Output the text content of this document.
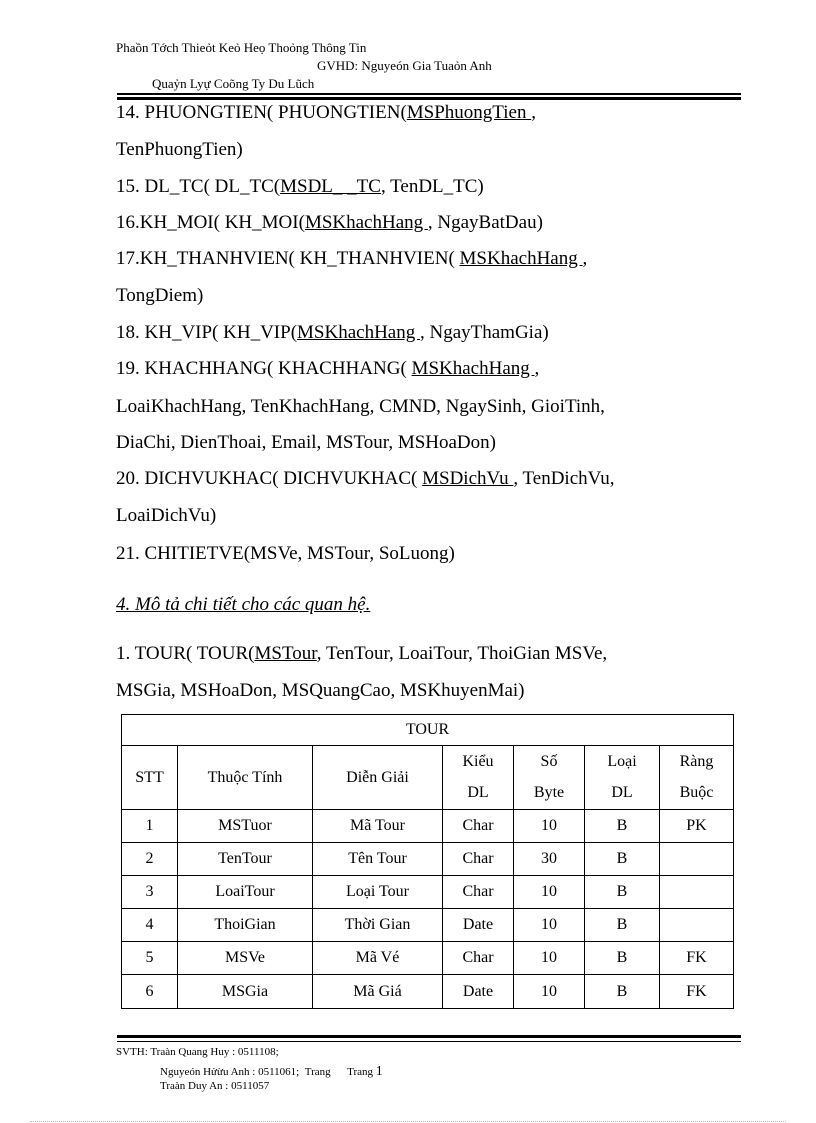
Phaồn Tớch Thieỏt Keỏ Heọ Thoỏng Thông Tin
GVHD: Nguyeón Gia Tuaỏn Anh
Quaỷn Lyự Coõng Ty Du Lũch
14. PHUONGTIEN( PHUONGTIEN(MSPhuongTien ,
TenPhuongTien)
15. DL_TC( DL_TC(MSDL_ _TC, TenDL_TC)
16.KH_MOI( KH_MOI(MSKhachHang , NgayBatDau)
17.KH_THANHVIEN( KH_THANHVIEN( MSKhachHang ,
TongDiem)
18. KH_VIP( KH_VIP(MSKhachHang , NgayThamGia)
19. KHACHHANG( KHACHHANG( MSKhachHang ,
LoaiKhachHang, TenKhachHang, CMND, NgaySinh, GioiTinh,
DiaChi, DienThoai, Email, MSTour, MSHoaDon)
20. DICHVUKHAC( DICHVUKHAC( MSDichVu , TenDichVu,
LoaiDichVu)
21. CHITIETVE(MSVe, MSTour, SoLuong)
4. Mô tả chi tiết cho các quan hệ.
1. TOUR( TOUR(MSTour, TenTour, LoaiTour, ThoiGian MSVe,
MSGia, MSHoaDon, MSQuangCao, MSKhuyenMai)
TOUR						
STT	Thuộc Tính	Diễn Giải	Kiểu	Số	Loại	Ràng
			DL	Byte	DL	Buộc
1	MSTuor	Mã Tour	Char	10	B	PK
2	TenTour	Tên Tour	Char	30	B	
3	LoaiTour	Loại Tour	Char	10	B	
4	ThoiGian	Thời Gian	Date	10	B	
5	MSVe	Mã Vé	Char	10	B	FK
6	MSGia	Mã Giá	Date	10	B	FK
SVTH: Traàn Quang Huy : 0511108;
Nguyeón Hửừu Anh : 0511061; Trang Trang 1
Traàn Duy An : 0511057
